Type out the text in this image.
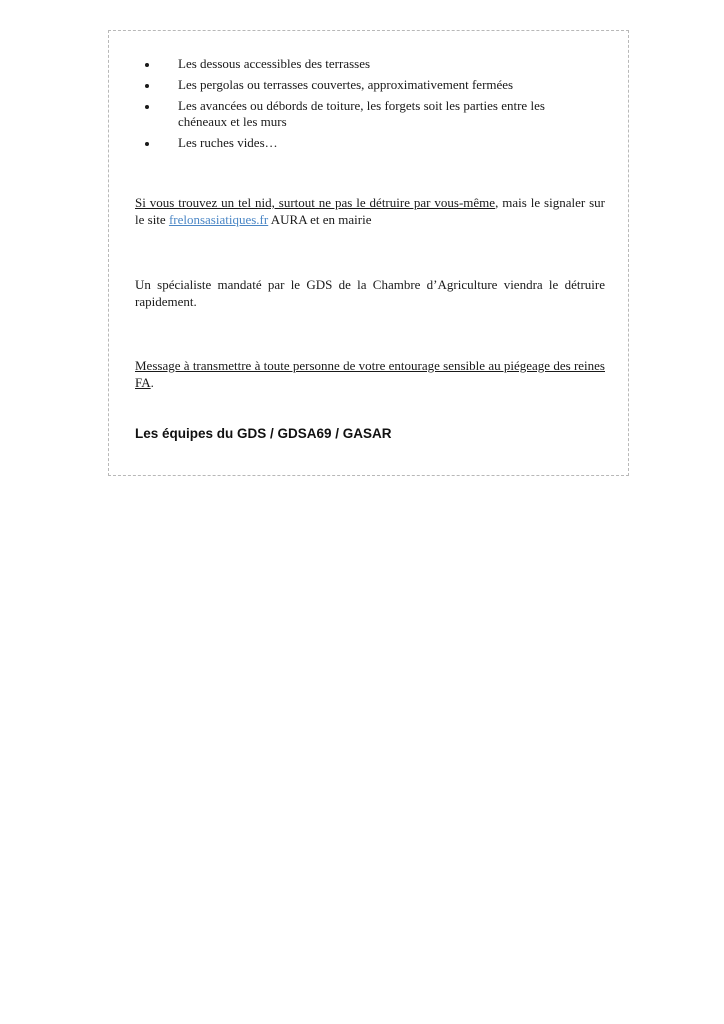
Les dessous accessibles des terrasses
Les pergolas ou terrasses couvertes, approximativement fermées
Les avancées ou débords de toiture, les forgets soit les parties entre les chéneaux et les murs
Les ruches vides…

Si vous trouvez un tel nid, surtout ne pas le détruire par vous-même, mais le signaler sur le site frelonsasiatiques.fr AURA et en mairie

Un spécialiste mandaté par le GDS de la Chambre d’Agriculture viendra le détruire rapidement.

Message à transmettre à toute personne de votre entourage sensible au piégeage des reines FA.

Les équipes du GDS / GDSA69 / GASAR
